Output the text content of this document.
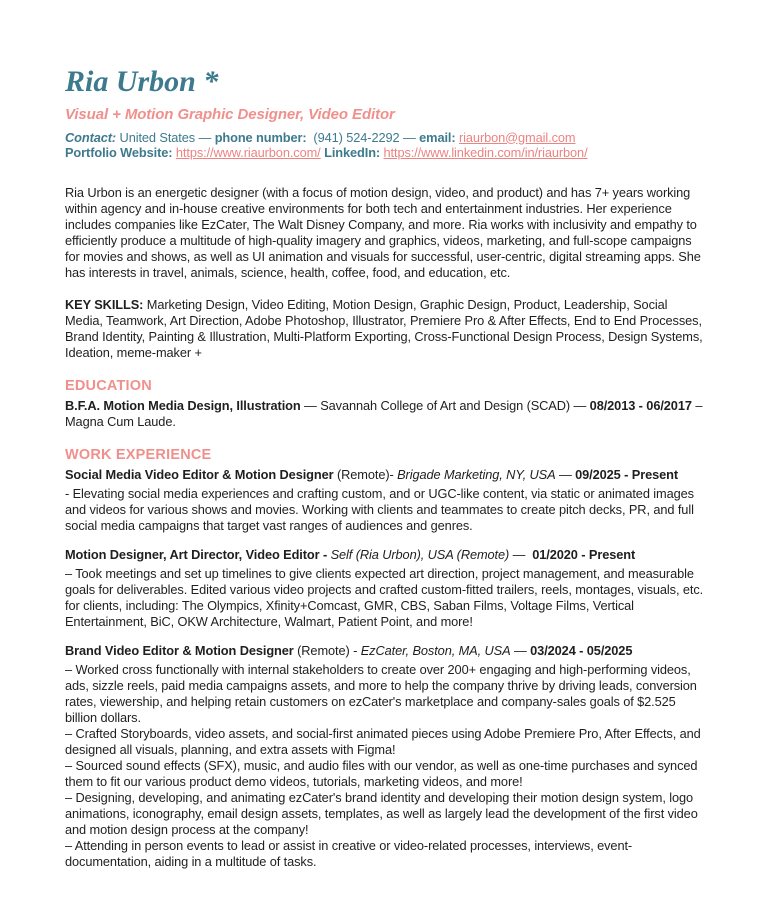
Ria Urbon *
Visual + Motion Graphic Designer, Video Editor

Contact: United States — phone number:  (941) 524-2292 — email: riaurbon@gmail.com

Portfolio Website: https://www.riaurbon.com/ LinkedIn: https://www.linkedin.com/in/riaurbon/

Ria Urbon is an energetic designer (with a focus of motion design, video, and product) and has 7+ years working within agency and in-house creative environments for both tech and entertainment industries. Her experience includes companies like EzCater, The Walt Disney Company, and more. Ria works with inclusivity and empathy to efficiently produce a multitude of high-quality imagery and graphics, videos, marketing, and full-scope campaigns for movies and shows, as well as UI animation and visuals for successful, user-centric, digital streaming apps. She has interests in travel, animals, science, health, coffee, food, and education, etc.

KEY SKILLS: Marketing Design, Video Editing, Motion Design, Graphic Design, Product, Leadership, Social Media, Teamwork, Art Direction, Adobe Photoshop, Illustrator, Premiere Pro & After Effects, End to End Processes, Brand Identity, Painting & Illustration, Multi-Platform Exporting, Cross-Functional Design Process, Design Systems, Ideation, meme-maker +

EDUCATION

B.F.A. Motion Media Design, Illustration — Savannah College of Art and Design (SCAD) — 08/2013 - 06/2017 – Magna Cum Laude.

WORK EXPERIENCE

Social Media Video Editor & Motion Designer (Remote)- Brigade Marketing, NY, USA — 09/2025 - Present

- Elevating social media experiences and crafting custom, and or UGC-like content, via static or animated images and videos for various shows and movies. Working with clients and teammates to create pitch decks, PR, and full social media campaigns that target vast ranges of audiences and genres.

Motion Designer, Art Director, Video Editor - Self (Ria Urbon), USA (Remote) —  01/2020 - Present

– Took meetings and set up timelines to give clients expected art direction, project management, and measurable goals for deliverables. Edited various video projects and crafted custom-fitted trailers, reels, montages, visuals, etc. for clients, including: The Olympics, Xfinity+Comcast, GMR, CBS, Saban Films, Voltage Films, Vertical Entertainment, BiC, OKW Architecture, Walmart, Patient Point, and more!

Brand Video Editor & Motion Designer (Remote) - EzCater, Boston, MA, USA — 03/2024 - 05/2025

– Worked cross functionally with internal stakeholders to create over 200+ engaging and high-performing videos, ads, sizzle reels, paid media campaigns assets, and more to help the company thrive by driving leads, conversion rates, viewership, and helping retain customers on ezCater's marketplace and company-sales goals of $2.525 billion dollars.

– Crafted Storyboards, video assets, and social-first animated pieces using Adobe Premiere Pro, After Effects, and designed all visuals, planning, and extra assets with Figma!

– Sourced sound effects (SFX), music, and audio files with our vendor, as well as one-time purchases and synced them to fit our various product demo videos, tutorials, marketing videos, and more!

– Designing, developing, and animating ezCater's brand identity and developing their motion design system, logo animations, iconography, email design assets, templates, as well as largely lead the development of the first video and motion design process at the company!

– Attending in person events to lead or assist in creative or video-related processes, interviews, event-documentation, aiding in a multitude of tasks.
